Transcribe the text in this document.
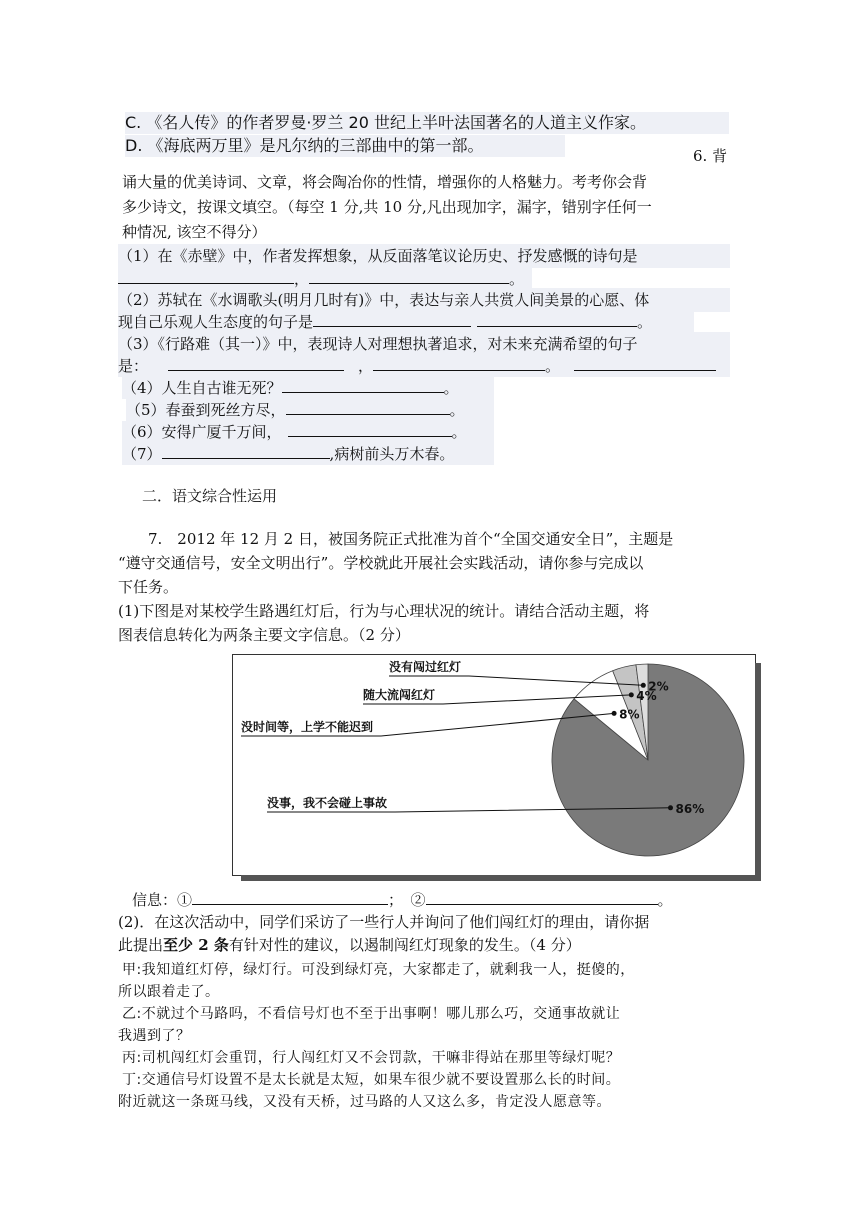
C. 《名人传》的作者罗曼·罗兰 20 世纪上半叶法国著名的人道主义作家。
D. 《海底两万里》是凡尔纳的三部曲中的第一部。
6. 背
诵大量的优美诗词、文章，将会陶冶你的性情，增强你的人格魅力。考考你会背
多少诗文，按课文填空。（每空 1 分,共 10 分,凡出现加字，漏字，错别字任何一
种情况, 该空不得分）
（1）在《赤壁》中，作者发挥想象，从反面落笔议论历史、抒发感慨的诗句是
，	。
（2）苏轼在《水调歌头(明月几时有)》中，表达与亲人共赏人间美景的心愿、体
现自己乐观人生态度的句子是	。
（3）《行路难（其一）》中，表现诗人对理想执著追求，对未来充满希望的句子
是：	，	。
（4）人生自古谁无死？	。
（5）春蚕到死丝方尽，	。
（6）安得广厦千万间，	。
（7）	,病树前头万木春。
二．语文综合性运用
7.　2012 年 12 月 2 日，被国务院正式批准为首个“全国交通安全日”，主题是
“遵守交通信号，安全文明出行”。学校就此开展社会实践活动，请你参与完成以
下任务。
(1)下图是对某校学生路遇红灯后，行为与心理状况的统计。请结合活动主题，将
图表信息转化为两条主要文字信息。（2 分）
没事，我不会碰上事故	86%
没时间等，上学不能迟到
8%
随大流闯红灯	4%
没有闯过红灯
2%
信息：①	；　②	。
(2)．在这次活动中，同学们采访了一些行人并询问了他们闯红灯的理由，请你据
此提出至少 2 条有针对性的建议，以遏制闯红灯现象的发生。（4 分）
甲:我知道红灯停，绿灯行。可没到绿灯亮，大家都走了，就剩我一人，挺傻的，
所以跟着走了。
乙:不就过个马路吗，不看信号灯也不至于出事啊！哪儿那么巧，交通事故就让
我遇到了？
丙:司机闯红灯会重罚，行人闯红灯又不会罚款，干嘛非得站在那里等绿灯呢？
丁:交通信号灯设置不是太长就是太短，如果车很少就不要设置那么长的时间。
附近就这一条斑马线，又没有天桥，过马路的人又这么多，肯定没人愿意等。
